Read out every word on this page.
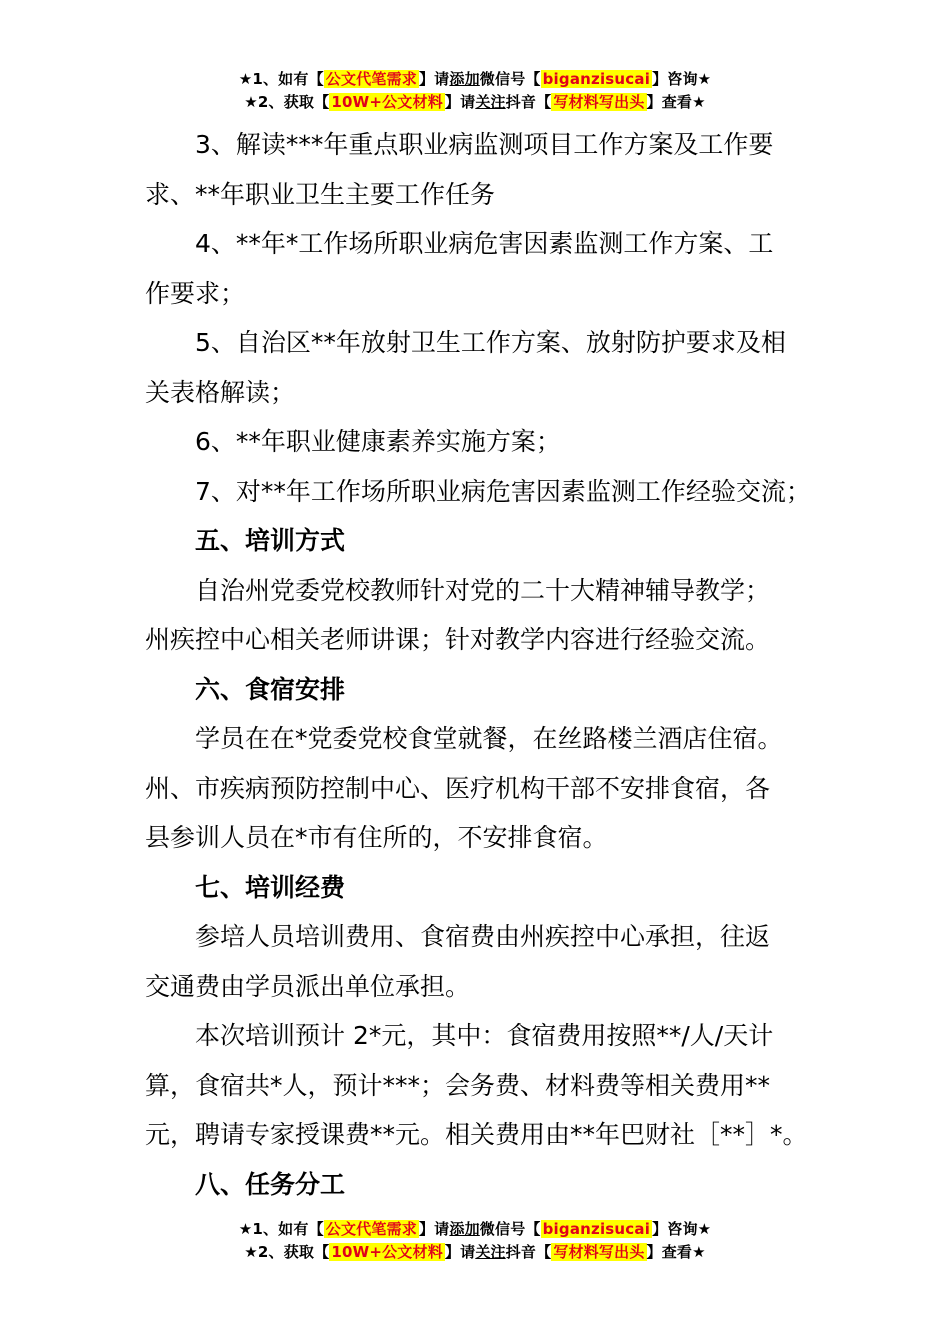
★1、如有【 公文代笔需求 】请添加微信号【 biganzisucai 】咨询★
★2、获取【 10W+公文材料 】请关注抖音【 写材料写出头 】查看★

3、解读***年重点职业病监测项目工作方案及工作要

求、**年职业卫生主要工作任务

4、**年*工作场所职业病危害因素监测工作方案、工

作要求；

5、自治区**年放射卫生工作方案、放射防护要求及相

关表格解读；

6、**年职业健康素养实施方案；

7、对**年工作场所职业病危害因素监测工作经验交流；

五、培训方式

自治州党委党校教师针对党的二十大精神辅导教学；

州疾控中心相关老师讲课；针对教学内容进行经验交流。

六、食宿安排

学员在在*党委党校食堂就餐，在丝路楼兰酒店住宿。

州、市疾病预防控制中心、医疗机构干部不安排食宿，各

县参训人员在*市有住所的，不安排食宿。

七、培训经费

参培人员培训费用、食宿费由州疾控中心承担，往返

交通费由学员派出单位承担。

本次培训预计 2*元，其中：食宿费用按照**/人/天计

算，食宿共*人，预计***；会务费、材料费等相关费用**

元，聘请专家授课费**元。相关费用由**年巴财社［**］*。

八、任务分工

★1、如有【 公文代笔需求 】请添加微信号【 biganzisucai 】咨询★
★2、获取【 10W+公文材料 】请关注抖音【 写材料写出头 】查看★
